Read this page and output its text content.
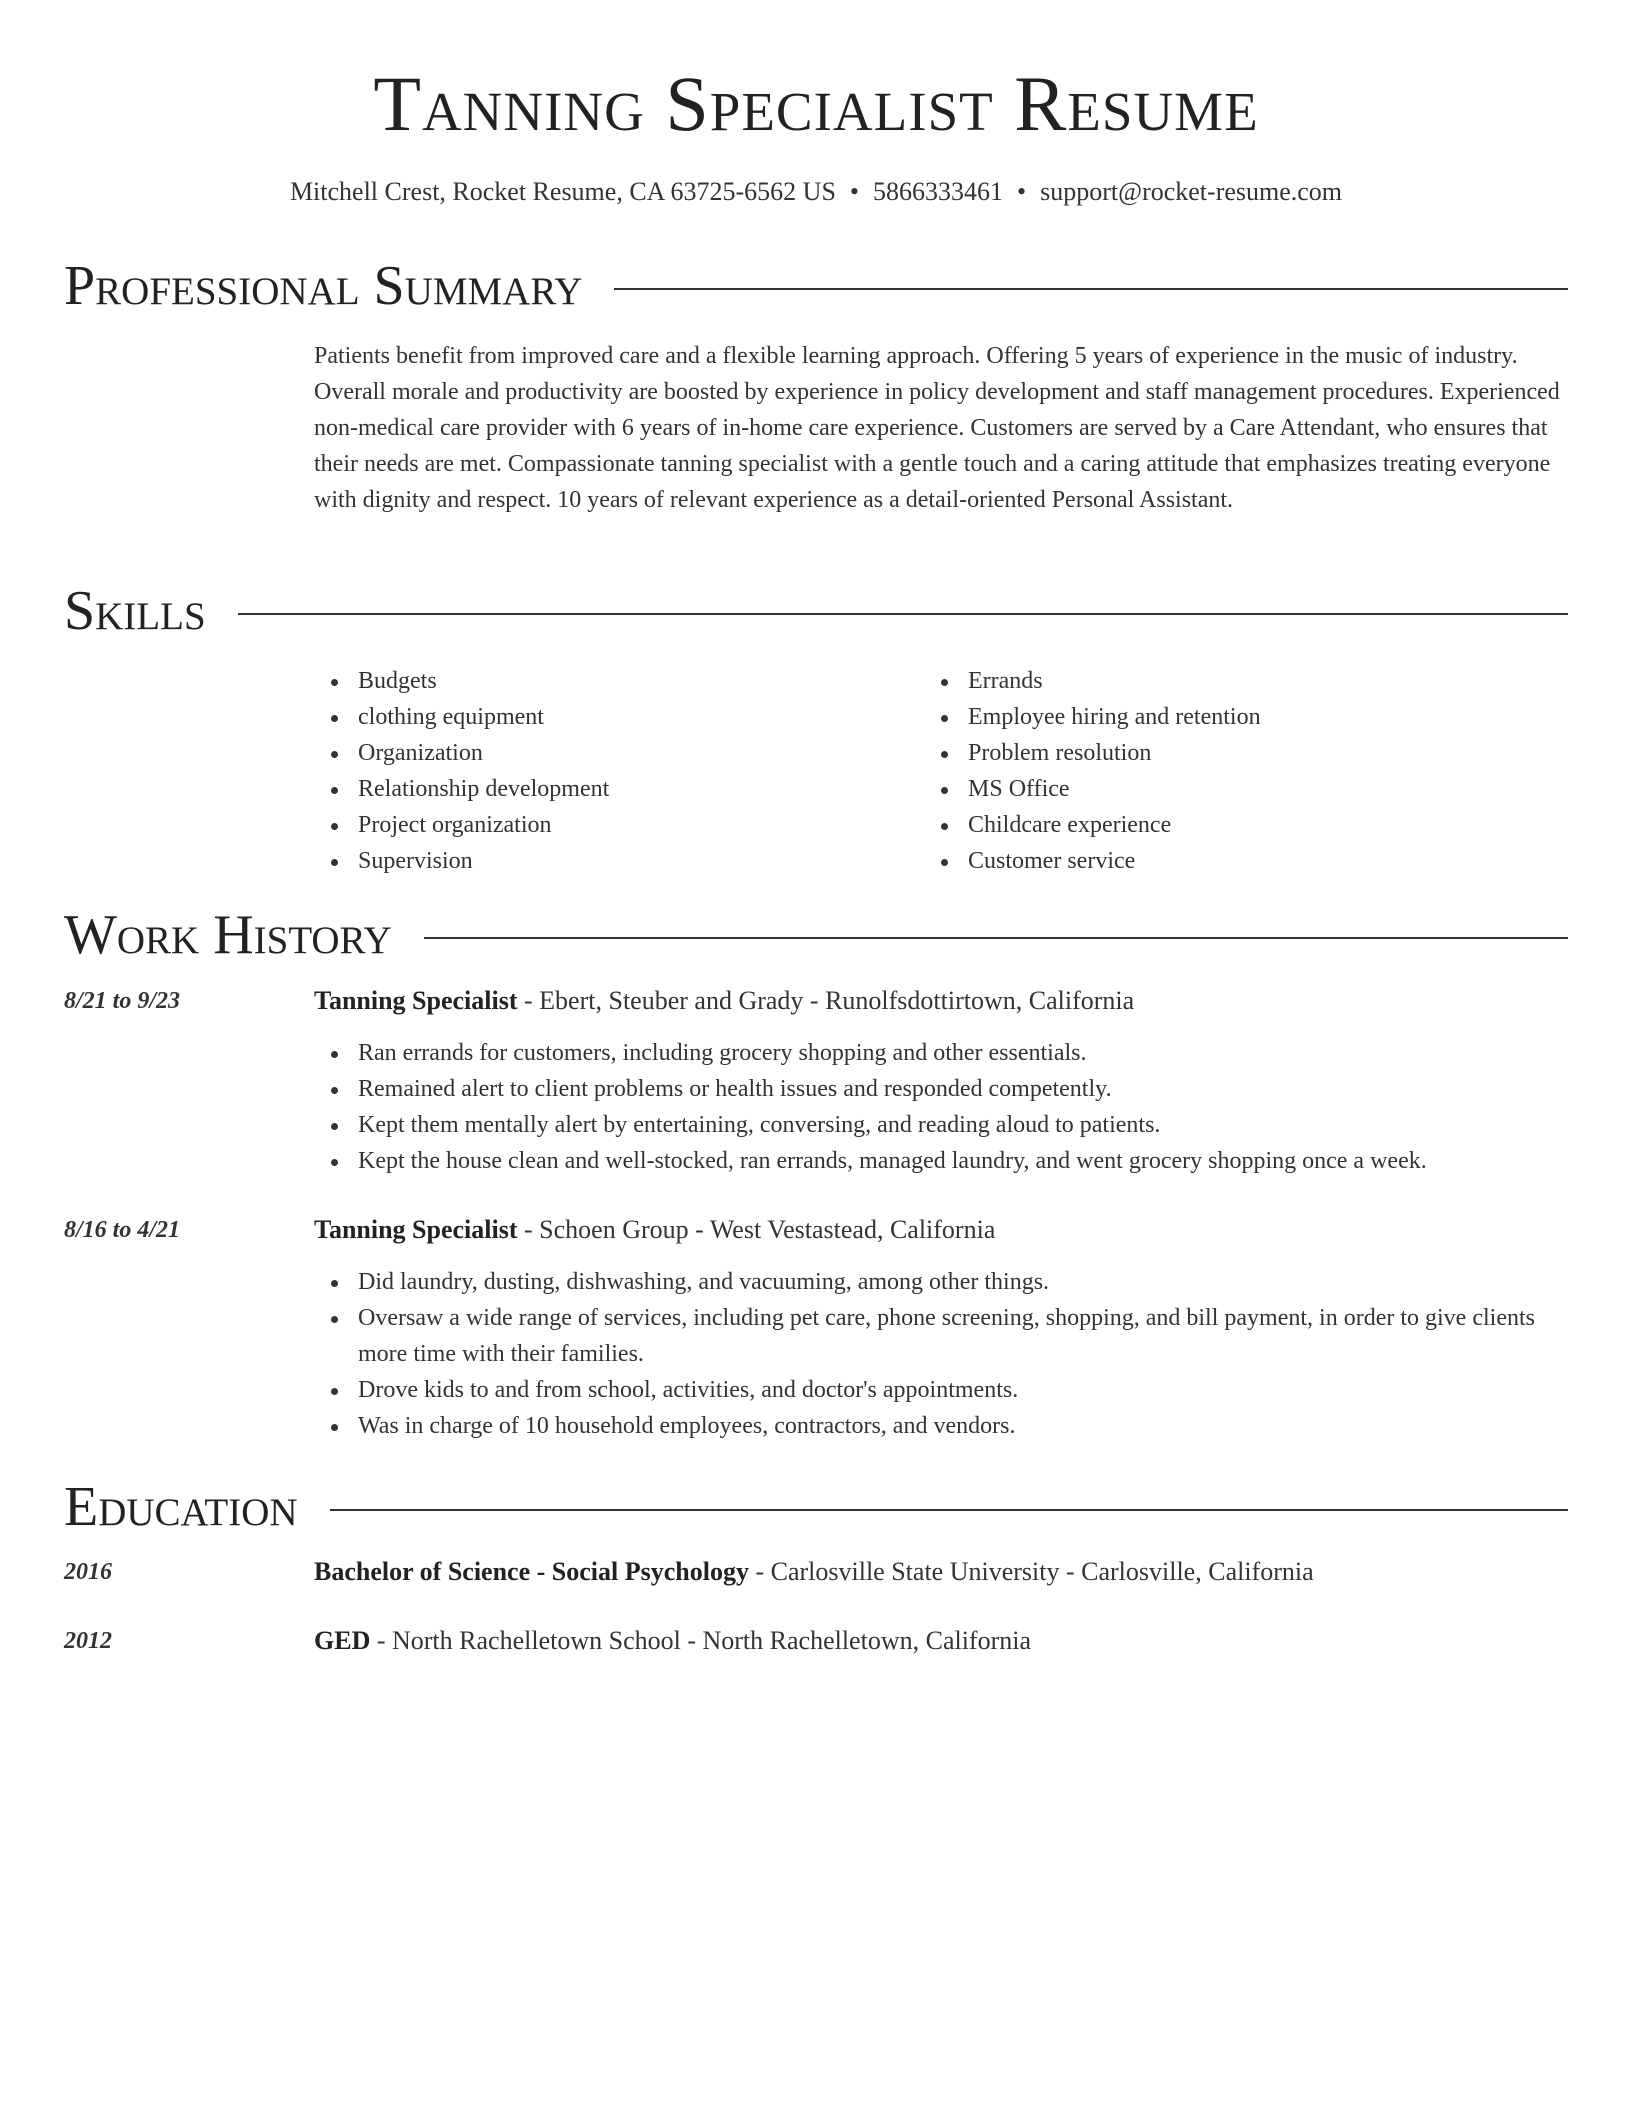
Tanning Specialist Resume
Mitchell Crest, Rocket Resume, CA 63725-6562 US • 5866333461 • support@rocket-resume.com
Professional Summary
Patients benefit from improved care and a flexible learning approach. Offering 5 years of experience in the music of industry. Overall morale and productivity are boosted by experience in policy development and staff management procedures. Experienced non-medical care provider with 6 years of in-home care experience. Customers are served by a Care Attendant, who ensures that their needs are met. Compassionate tanning specialist with a gentle touch and a caring attitude that emphasizes treating everyone with dignity and respect. 10 years of relevant experience as a detail-oriented Personal Assistant.
Skills
Budgets
clothing equipment
Organization
Relationship development
Project organization
Supervision
Errands
Employee hiring and retention
Problem resolution
MS Office
Childcare experience
Customer service
Work History
8/21 to 9/23	Tanning Specialist - Ebert, Steuber and Grady - Runolfsdottirtown, California
Ran errands for customers, including grocery shopping and other essentials.
Remained alert to client problems or health issues and responded competently.
Kept them mentally alert by entertaining, conversing, and reading aloud to patients.
Kept the house clean and well-stocked, ran errands, managed laundry, and went grocery shopping once a week.
8/16 to 4/21	Tanning Specialist - Schoen Group - West Vestastead, California
Did laundry, dusting, dishwashing, and vacuuming, among other things.
Oversaw a wide range of services, including pet care, phone screening, shopping, and bill payment, in order to give clients more time with their families.
Drove kids to and from school, activities, and doctor's appointments.
Was in charge of 10 household employees, contractors, and vendors.
Education
2016	Bachelor of Science - Social Psychology - Carlosville State University - Carlosville, California
2012	GED - North Rachelletown School - North Rachelletown, California
